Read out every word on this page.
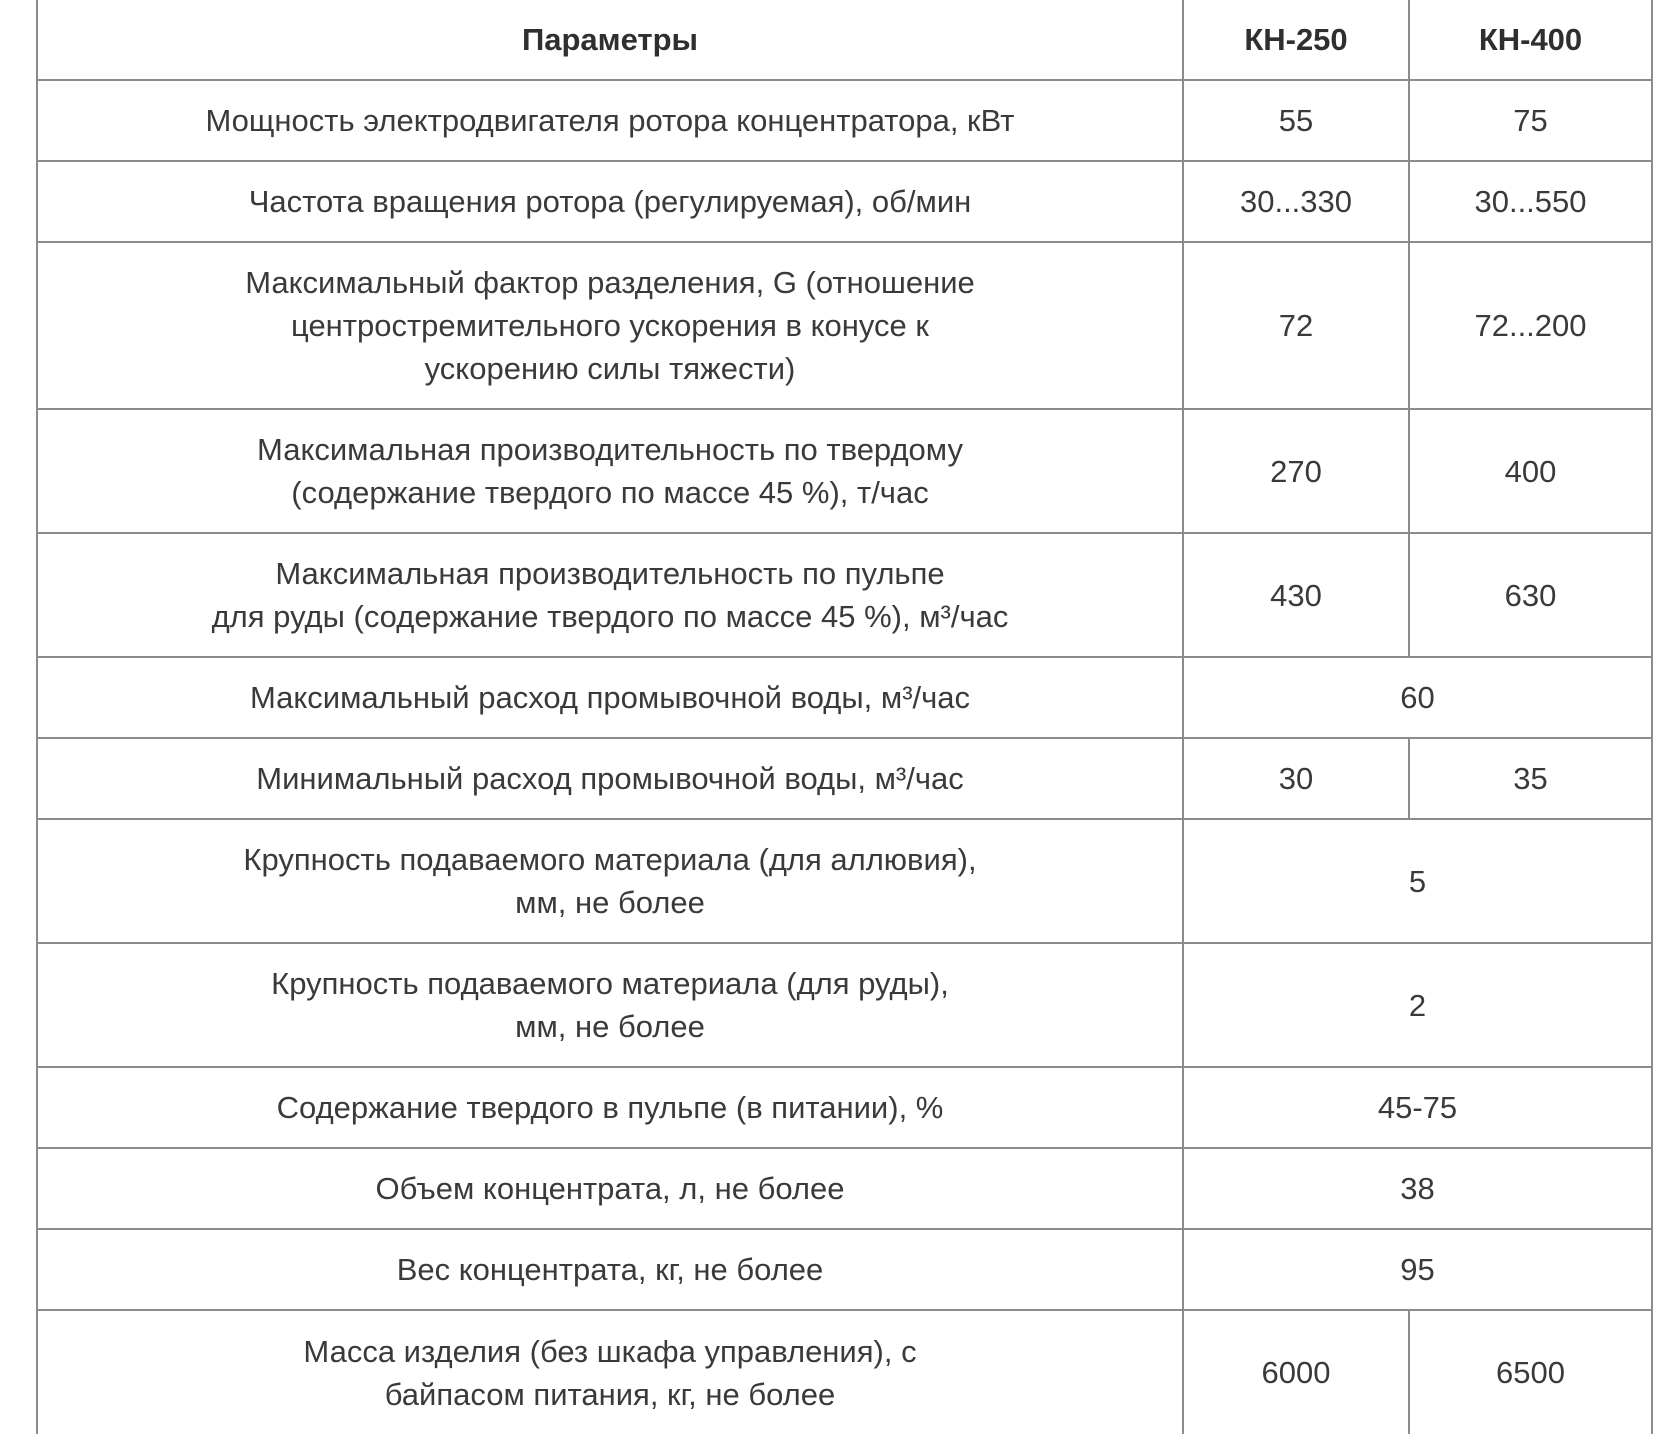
Параметры	КН-250	КН-400

Мощность электродвигателя ротора концентратора, кВт	55	75

Частота вращения ротора (регулируемая), об/мин	30...330	30...550

Максимальный фактор разделения, G (отношение
центростремительного ускорения в конусе к
ускорению силы тяжести)	72	72...200

Максимальная производительность по твердому
(содержание твердого по массе 45 %), т/час	270	400

Максимальная производительность по пульпе
для руды (содержание твердого по массе 45 %), м³/час	430	630

Максимальный расход промывочной воды, м³/час	60	

Минимальный расход промывочной воды, м³/час	30	35

Крупность подаваемого материала (для аллювия),
мм, не более	5	

Крупность подаваемого материала (для руды),
мм, не более	2	

Содержание твердого в пульпе (в питании), %	45-75	

Объем концентрата, л, не более	38	

Вес концентрата, кг, не более	95	

Масса изделия (без шкафа управления), с
байпасом питания, кг, не более	6000	6500
